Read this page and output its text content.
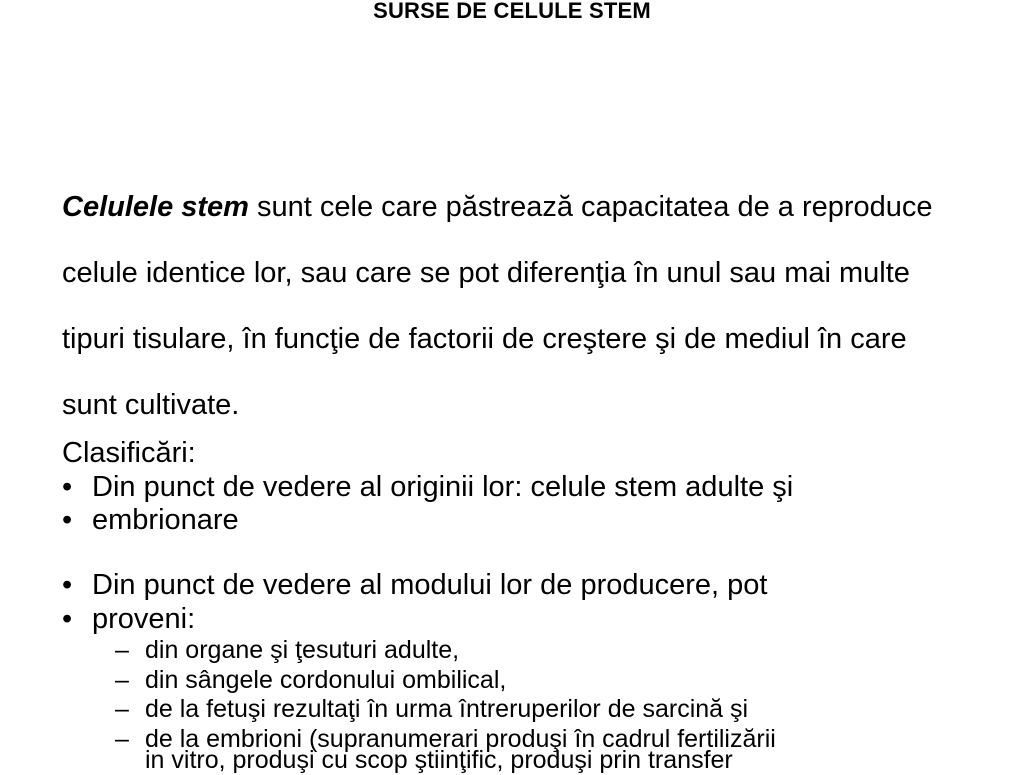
SURSE DE CELULE STEM

Celulele stem sunt cele care păstrează capacitatea de a reproduce celule identice lor, sau care se pot diferenţia în unul sau mai multe tipuri tisulare, în funcţie de factorii de creştere şi de mediul în care sunt cultivate.

Clasificări:
• Din punct de vedere al originii lor: celule stem adulte şi
• embrionare
• Din punct de vedere al modului lor de producere, pot
• proveni:
– din organe şi ţesuturi adulte,
– din sângele cordonului ombilical,
– de la fetuşi rezultaţi în urma întreruperilor de sarcină şi
– de la embrioni (supranumerari produşi în cadrul fertilizării
in vitro, produşi cu scop ştiinţific, produşi prin transfer
